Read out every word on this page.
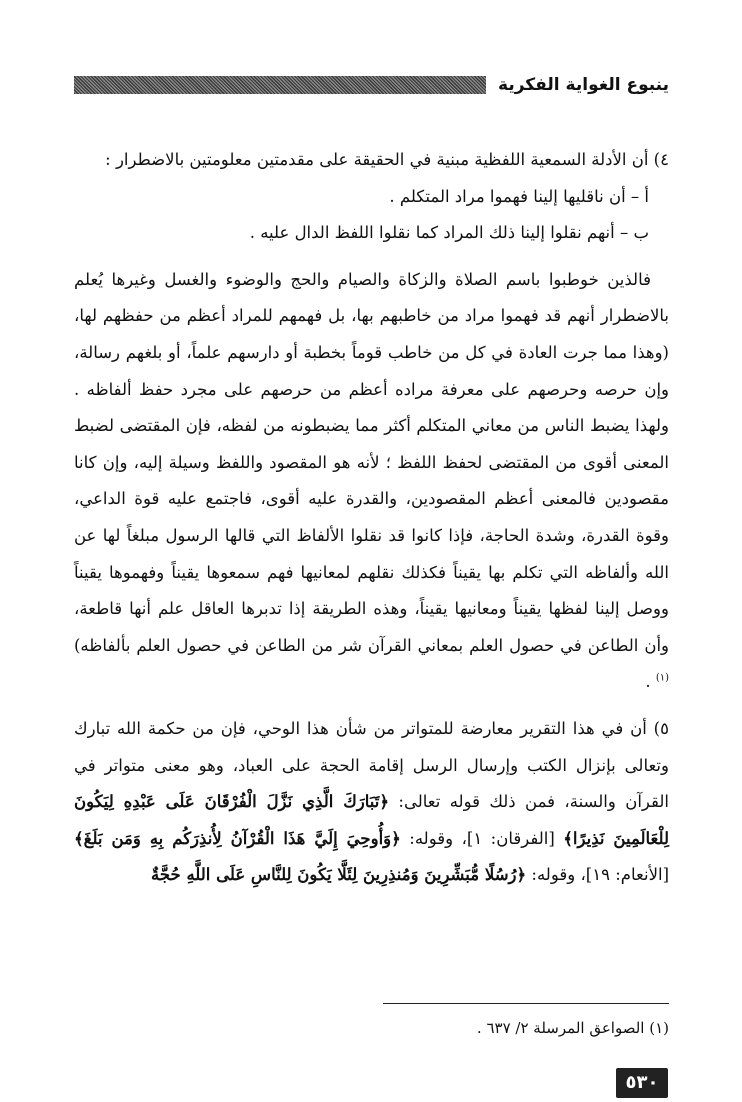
ينبوع الغواية الفكرية

٤) أن الأدلة السمعية اللفظية مبنية في الحقيقة على مقدمتين معلومتين بالاضطرار :

أ – أن ناقليها إلينا فهموا مراد المتكلم .

ب – أنهم نقلوا إلينا ذلك المراد كما نقلوا اللفظ الدال عليه .

فالذين خوطبوا باسم الصلاة والزكاة والصيام والحج والوضوء والغسل وغيرها يُعلم بالاضطرار أنهم قد فهموا مراد من خاطبهم بها، بل فهمهم للمراد أعظم من حفظهم لها، (وهذا مما جرت العادة في كل من خاطب قوماً بخطبة أو دارسهم علماً، أو بلغهم رسالة، وإن حرصه وحرصهم على معرفة مراده أعظم من حرصهم على مجرد حفظ ألفاظه . ولهذا يضبط الناس من معاني المتكلم أكثر مما يضبطونه من لفظه، فإن المقتضى لضبط المعنى أقوى من المقتضى لحفظ اللفظ ؛ لأنه هو المقصود واللفظ وسيلة إليه، وإن كانا مقصودين فالمعنى أعظم المقصودين، والقدرة عليه أقوى، فاجتمع عليه قوة الداعي، وقوة القدرة، وشدة الحاجة، فإذا كانوا قد نقلوا الألفاظ التي قالها الرسول مبلغاً لها عن الله وألفاظه التي تكلم بها يقيناً فكذلك نقلهم لمعانيها فهم سمعوها يقيناً وفهموها يقيناً ووصل إلينا لفظها يقيناً ومعانيها يقيناً، وهذه الطريقة إذا تدبرها العاقل علم أنها قاطعة، وأن الطاعن في حصول العلم بمعاني القرآن شر من الطاعن في حصول العلم بألفاظه)$^{(١)}$ .

٥) أن في هذا التقرير معارضة للمتواتر من شأن هذا الوحي، فإن من حكمة الله تبارك وتعالى بإنزال الكتب وإرسال الرسل إقامة الحجة على العباد، وهو معنى متواتر في القرآن والسنة، فمن ذلك قوله تعالى: ﴿تَبَارَكَ الَّذِي نَزَّلَ الْفُرْقَانَ عَلَى عَبْدِهِ لِيَكُونَ لِلْعَالَمِينَ نَذِيرًا﴾ [الفرقان: ١]، وقوله: ﴿وَأُوحِيَ إِلَيَّ هَذَا الْقُرْآنُ لِأُنذِرَكُم بِهِ وَمَن بَلَغَ﴾ [الأنعام: ١٩]، وقوله: ﴿رُسُلًا مُّبَشِّرِينَ وَمُنذِرِينَ لِئَلَّا يَكُونَ لِلنَّاسِ عَلَى اللَّهِ حُجَّةٌ

(١) الصواعق المرسلة ٢/ ٦٣٧ .
٥٣٠
